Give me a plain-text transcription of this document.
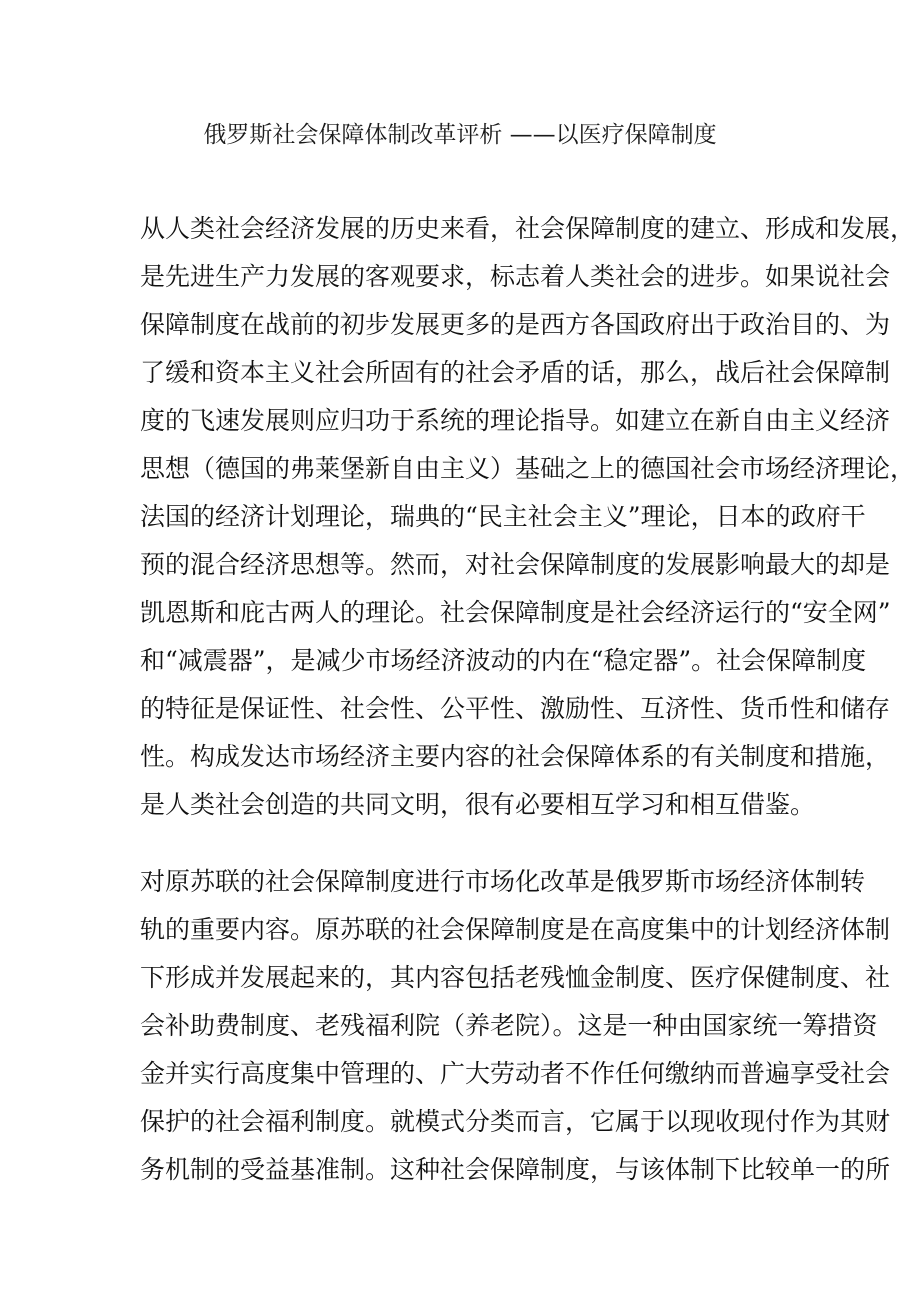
俄罗斯社会保障体制改革评析 ——以医疗保障制度
从人类社会经济发展的历史来看，社会保障制度的建立、形成和发展，
是先进生产力发展的客观要求，标志着人类社会的进步。如果说社会
保障制度在战前的初步发展更多的是西方各国政府出于政治目的、为
了缓和资本主义社会所固有的社会矛盾的话，那么，战后社会保障制
度的飞速发展则应归功于系统的理论指导。如建立在新自由主义经济
思想（德国的弗莱堡新自由主义）基础之上的德国社会市场经济理论，
法国的经济计划理论，瑞典的“民主社会主义”理论，日本的政府干
预的混合经济思想等。然而，对社会保障制度的发展影响最大的却是
凯恩斯和庇古两人的理论。社会保障制度是社会经济运行的“安全网”
和“减震器”，是减少市场经济波动的内在“稳定器”。社会保障制度
的特征是保证性、社会性、公平性、激励性、互济性、货币性和储存
性。构成发达市场经济主要内容的社会保障体系的有关制度和措施，
是人类社会创造的共同文明，很有必要相互学习和相互借鉴。
对原苏联的社会保障制度进行市场化改革是俄罗斯市场经济体制转
轨的重要内容。原苏联的社会保障制度是在高度集中的计划经济体制
下形成并发展起来的，其内容包括老残恤金制度、医疗保健制度、社
会补助费制度、老残福利院（养老院）。这是一种由国家统一筹措资
金并实行高度集中管理的、广大劳动者不作任何缴纳而普遍享受社会
保护的社会福利制度。就模式分类而言，它属于以现收现付作为其财
务机制的受益基准制。这种社会保障制度，与该体制下比较单一的所
